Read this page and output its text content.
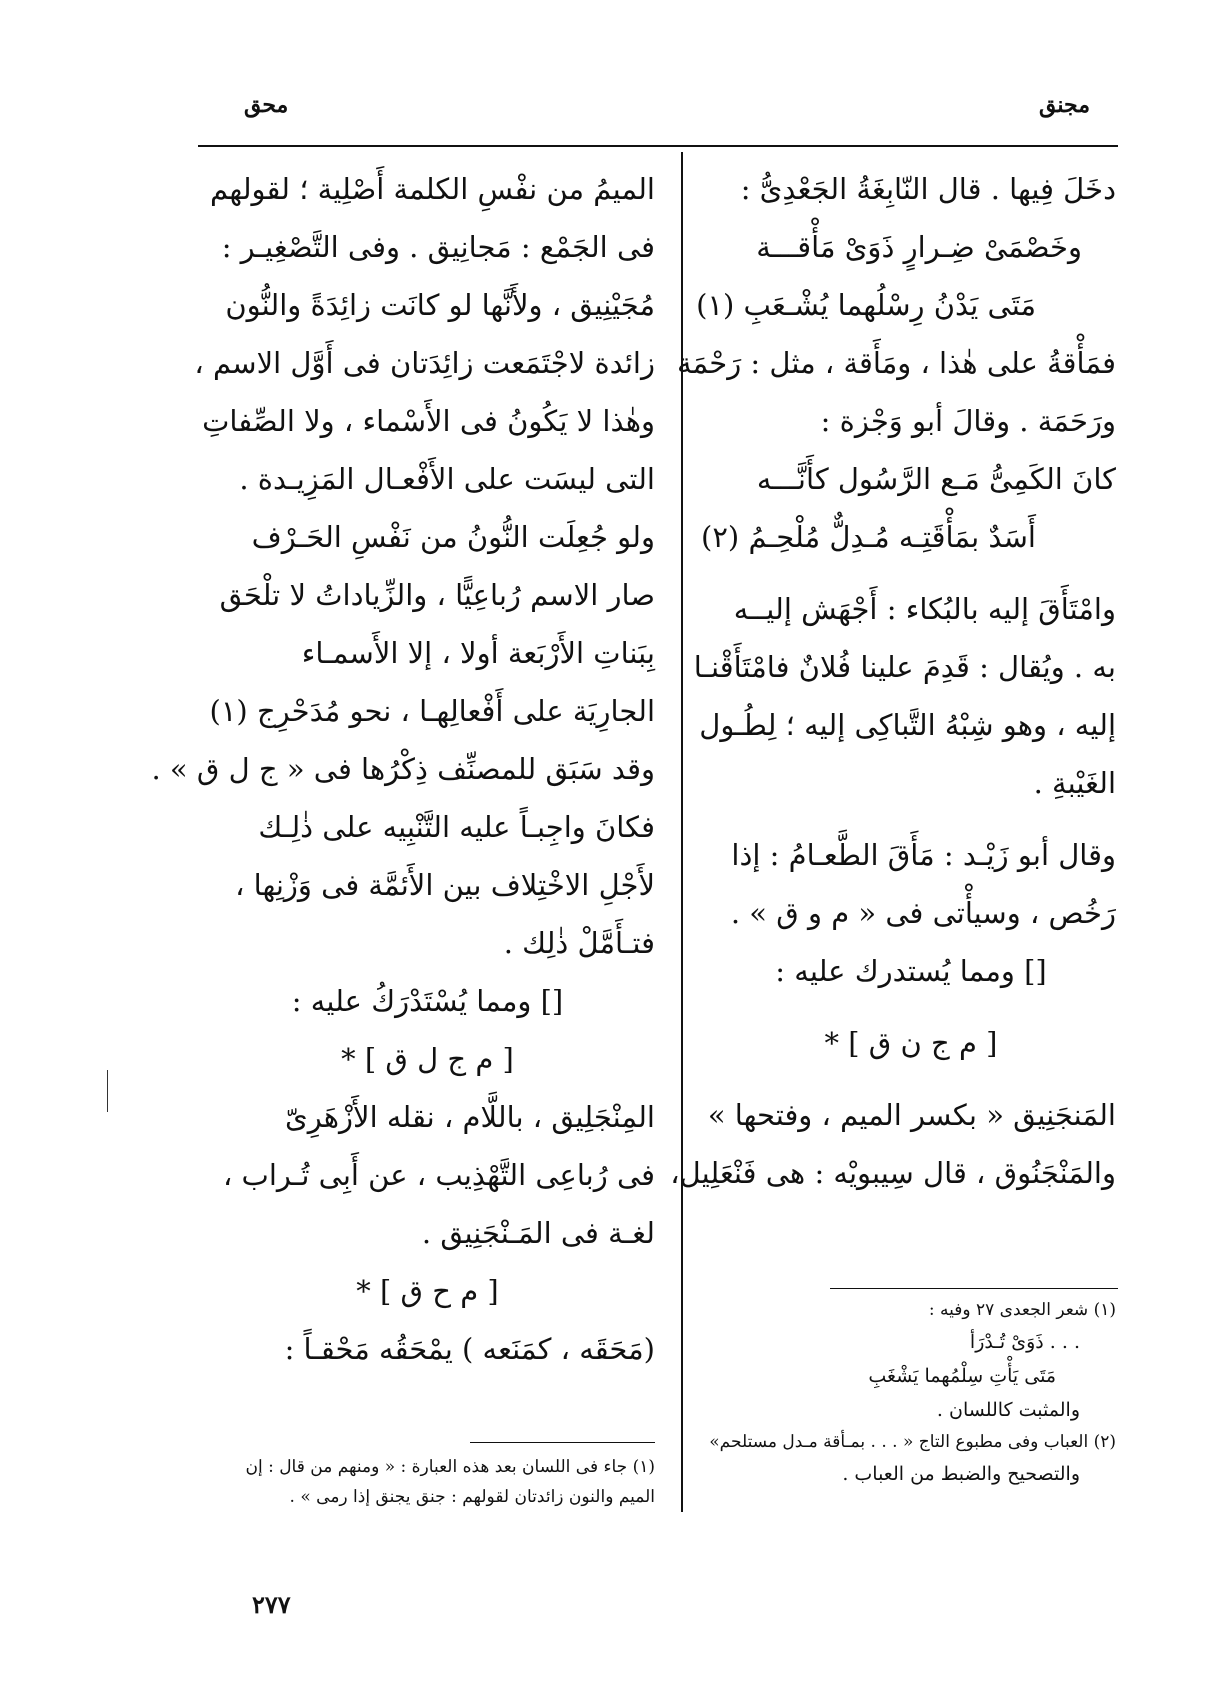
مجنق
محق
دخَلَ فِيها . قال النّابِغَةُ الجَعْدِىُّ :
وخَصْمَىْ ضِـرارٍ ذَوَىْ مَأْقـــة
مَتَى يَدْنُ رِسْلُهما يُشْـعَبِ (١)
فمَأْقةُ على هٰذا ، ومَأَقة ، مثل : رَحْمَة
ورَحَمَة . وقالَ أبو وَجْزة :
كانَ الكَمِىُّ مَـع الرَّسُول كأَنَّـــه
أَسَدٌ بمَأْقَتِـه مُـدِلٌّ مُلْحِـمُ (٢)
وامْتَأَقَ إليه بالبُكاء : أَجْهَش إليــه
به . ويُقال : قَدِمَ علينا فُلانٌ فامْتَأَقْنـا
إليه ، وهو شِبْهُ التَّباكِى إليه ؛ لِطُـول
الغَيْبةِ .
وقال أبو زَيْـد : مَأَقَ الطَّعـامُ : إذا
رَخُص ، وسيأْتى فى « م و ق » .
[] ومما يُستدرك عليه :
[ م ج ن ق ] *
المَنجَنِيق « بكسر الميم ، وفتحها »
والمَنْجَنُوق ، قال سِيبويْه : هى فَنْعَلِيل،
الميمُ من نفْسِ الكلمة أَصْلِية ؛ لقولهم
فى الجَمْع : مَجانِيق . وفى التَّصْغِيـر :
مُجَيْنِيق ، ولأَنَّها لو كانَت زائِدَةً والنُّون
زائدة لاجْتَمَعت زائِدَتان فى أَوَّل الاسم ،
وهٰذا لا يَكُونُ فى الأَسْماء ، ولا الصِّفاتِ
التى ليسَت على الأَفْعـال المَزِيـدة .
ولو جُعِلَت النُّونُ من نَفْسِ الحَـرْف
صار الاسم رُباعِيًّا ، والزِّياداتُ لا تلْحَق
بِبَناتِ الأَرْبَعة أولا ، إلا الأَسمـاء
الجارِيَة على أَفْعالِهـا ، نحو مُدَحْرِج (١)
وقد سَبَق للمصنِّف ذِكْرُها فى « ج ل ق » .
فكانَ واجِبـاً عليه التَّنْبِيه على ذٰلِـك
لأَجْلِ الاخْتِلاف بين الأَئمَّة فى وَزْنِها ،
فتـأَمَّلْ ذٰلِك .
[] ومما يُسْتَدْرَكُ عليه :
[ م ج ل ق ] *
المِنْجَلِيق ، باللَّام ، نقله الأَزْهَرِىّ
فى رُباعِى التَّهْذِيب ، عن أَبِى تُـراب ،
لغـة فى المَـنْجَنِيق .
[ م ح ق ] *
(مَحَقَه ، كمَنَعه ) يمْحَقُه مَحْقـاً :
(١) شعر الجعدى ٢٧ وفيه :
. . . ذَوَىْ تُـدْرَأ
مَتَى يَأْتِ سِلْمُهما يَشْغَبِ
والمثبت كاللسان .
(٢) العباب وفى مطبوع التاج « . . . بمـأقة مـدل مستلحم»
والتصحيح والضبط من العباب .
(١) جاء فى اللسان بعد هذه العبارة : « ومنهم من قال : إن
الميم والنون زائدتان لقولهم : جنق يجنق إذا رمى » .
٢٧٧
